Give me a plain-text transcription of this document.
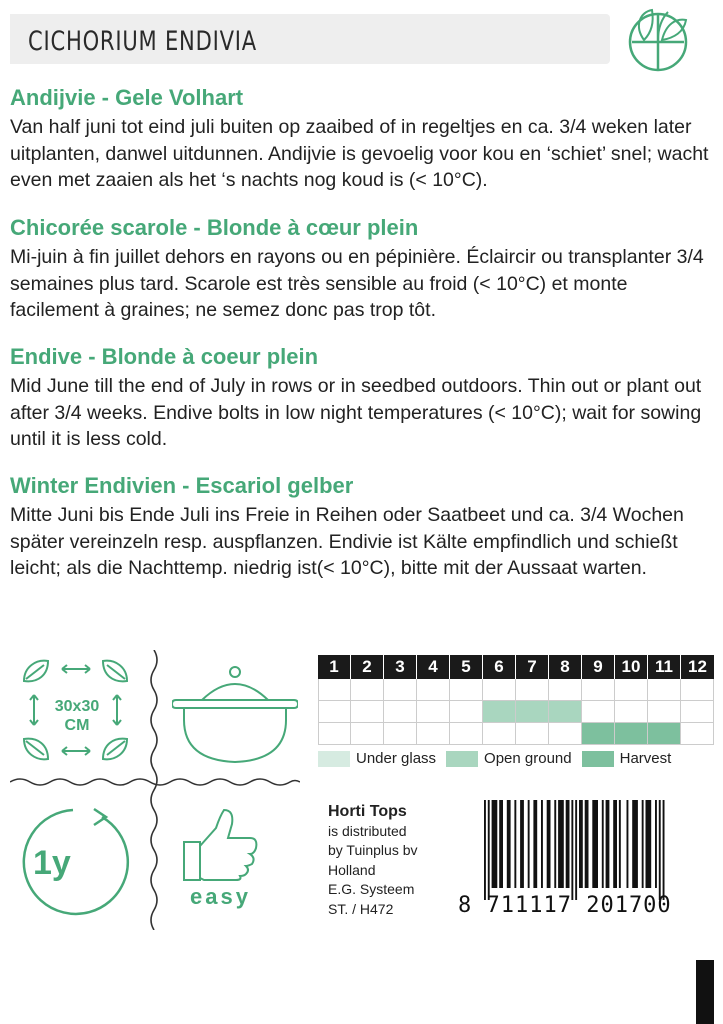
CICHORIUM ENDIVIA
Andijvie - Gele Volhart

Van half juni tot eind juli buiten op zaaibed of in regeltjes en ca. 3/4 weken later uitplanten, danwel uitdunnen. Andijvie is gevoelig voor kou en ‘schiet’ snel; wacht even met zaaien als het ‘s nachts nog koud is (< 10°C).

Chicorée scarole - Blonde à cœur plein

Mi-juin à fin juillet dehors en rayons ou en pépinière. Éclaircir ou transplanter 3/4 semaines plus tard. Scarole est très sensible au froid (< 10°C) et monte facilement à graines; ne semez donc pas trop tôt.

Endive - Blonde à coeur plein

Mid June till the end of July in rows or in seedbed outdoors. Thin out or plant out after 3/4 weeks. Endive bolts in low night temperatures (< 10°C); wait for sowing until it is less cold.

Winter Endivien - Escariol gelber

Mitte Juni bis Ende Juli ins Freie in Reihen oder Saatbeet und ca. 3/4 Wochen später vereinzeln resp. auspflanzen. Endivie ist Kälte empfindlich und schießt leicht; als die Nachttemp. niedrig ist(< 10°C), bitte mit der Aussaat warten.

30x30
CM
1y
easy
1	2	3	4	5	6	7	8	9	10 11 12
Under glass	Open ground	Harvest
Horti Tops
is distributed
by Tuinplus bv
Holland
E.G. Systeem
ST. / H472	8 711117 201700
